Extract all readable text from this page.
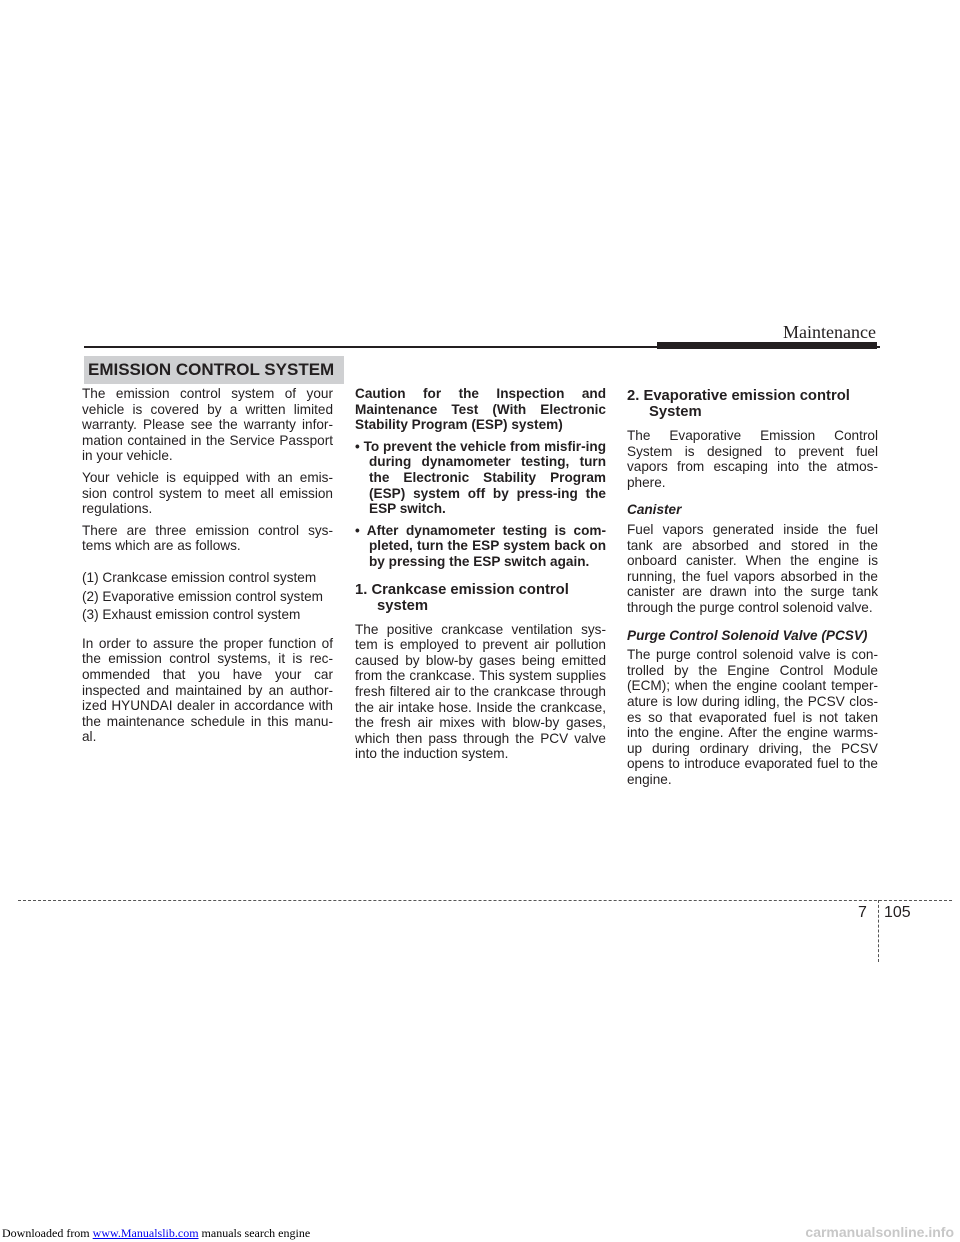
Maintenance
EMISSION CONTROL SYSTEM

The emission control system of your vehicle is covered by a written limited warranty. Please see the warranty infor-mation contained in the Service Passport in your vehicle.

Your vehicle is equipped with an emis-sion control system to meet all emission regulations.

There are three emission control sys-tems which are as follows.

(1) Crankcase emission control system

(2) Evaporative emission control system

(3) Exhaust emission control system

In order to assure the proper function of the emission control systems, it is rec-ommended that you have your car inspected and maintained by an author-ized HYUNDAI dealer in accordance with the maintenance schedule in this manu-al.

Caution for the Inspection and Maintenance Test (With Electronic Stability Program (ESP) system)

• To prevent the vehicle from misfir-ing during dynamometer testing, turn the Electronic Stability Program (ESP) system off by press-ing the ESP switch.

• After dynamometer testing is com-pleted, turn the ESP system back on by pressing the ESP switch again.

1. Crankcase emission control system

The positive crankcase ventilation sys-tem is employed to prevent air pollution caused by blow-by gases being emitted from the crankcase. This system supplies fresh filtered air to the crankcase through the air intake hose. Inside the crankcase, the fresh air mixes with blow-by gases, which then pass through the PCV valve into the induction system.

2. Evaporative emission control System

The Evaporative Emission Control System is designed to prevent fuel vapors from escaping into the atmos-phere.

Canister

Fuel vapors generated inside the fuel tank are absorbed and stored in the onboard canister. When the engine is running, the fuel vapors absorbed in the canister are drawn into the surge tank through the purge control solenoid valve.

Purge Control Solenoid Valve (PCSV)

The purge control solenoid valve is con-trolled by the Engine Control Module (ECM); when the engine coolant temper-ature is low during idling, the PCSV clos-es so that evaporated fuel is not taken into the engine. After the engine warms-up during ordinary driving, the PCSV opens to introduce evaporated fuel to the engine.

7 105
Downloaded from www.Manualslib.com manuals search engine	carmanualsonline.info
